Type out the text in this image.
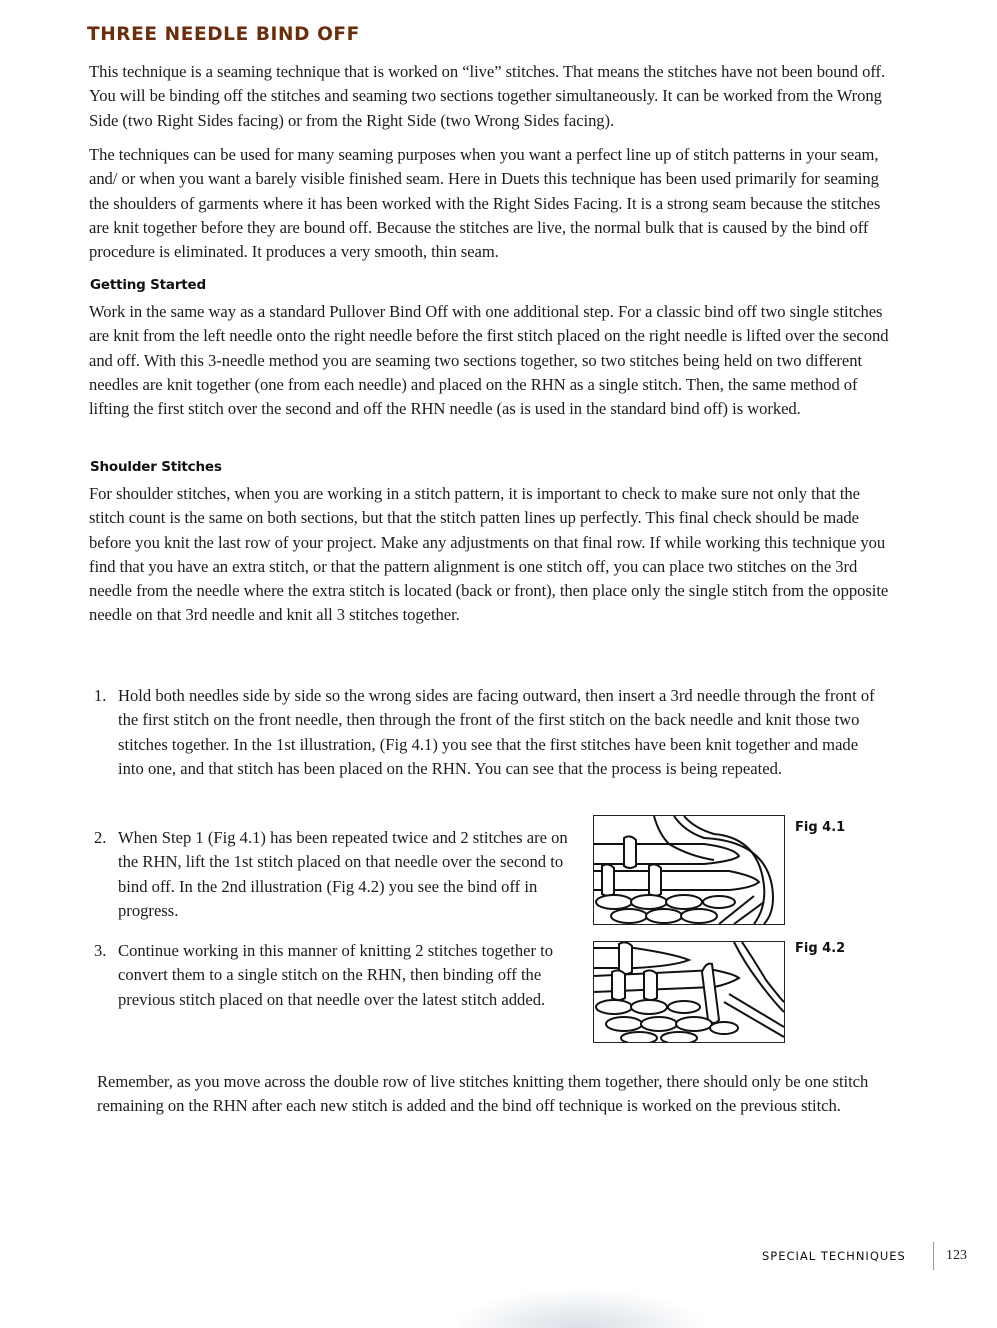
THREE NEEDLE BIND OFF

This technique is a seaming technique that is worked on “live” stitches. That means the stitches have not been bound off. You will be binding off the stitches and seaming two sections together simultaneously. It can be worked from the Wrong Side (two Right Sides facing) or from the Right Side (two Wrong Sides facing).

The techniques can be used for many seaming purposes when you want a perfect line up of stitch patterns in your seam, and/ or when you want a barely visible finished seam. Here in Duets this technique has been used primarily for seaming the shoulders of garments where it has been worked with the Right Sides Facing. It is a strong seam because the stitches are knit together before they are bound off. Because the stitches are live, the normal bulk that is caused by the bind off procedure is eliminated. It produces a very smooth, thin seam.

Getting Started

Work in the same way as a standard Pullover Bind Off with one additional step. For a classic bind off two single stitches are knit from the left needle onto the right needle before the first stitch placed on the right needle is lifted over the second and off. With this 3-needle method you are seaming two sections together, so two stitches being held on two different needles are knit together (one from each needle) and placed on the RHN as a single stitch. Then, the same method of lifting the first stitch over the second and off the RHN needle (as is used in the standard bind off) is worked.

Shoulder Stitches

For shoulder stitches, when you are working in a stitch pattern, it is important to check to make sure not only that the stitch count is the same on both sections, but that the stitch patten lines up perfectly. This final check should be made before you knit the last row of your project. Make any adjustments on that final row. If while working this technique you find that you have an extra stitch, or that the pattern alignment is one stitch off, you can place two stitches on the 3rd needle from the needle where the extra stitch is located (back or front), then place only the single stitch from the opposite needle on that 3rd needle and knit all 3 stitches together.

1. Hold both needles side by side so the wrong sides are facing outward, then insert a 3rd needle through the front of the first stitch on the front needle, then through the front of the first stitch on the back needle and knit those two stitches together. In the 1st illustration, (Fig 4.1) you see that the first stitches have been knit together and made into one, and that stitch has been placed on the RHN. You can see that the process is being repeated.
2. When Step 1 (Fig 4.1) has been repeated twice and 2 stitches are on the RHN, lift the 1st stitch placed on that needle over the second to bind off. In the 2nd illustration (Fig 4.2) you see the bind off in progress.
3. Continue working in this manner of knitting 2 stitches together to convert them to a single stitch on the RHN, then binding off the previous stitch placed on that needle over the latest stitch added.
Fig 4.1
Fig 4.2

Remember, as you move across the double row of live stitches knitting them together, there should only be one stitch remaining on the RHN after each new stitch is added and the bind off technique is worked on the previous stitch.

SPECIAL TECHNIQUES	123
